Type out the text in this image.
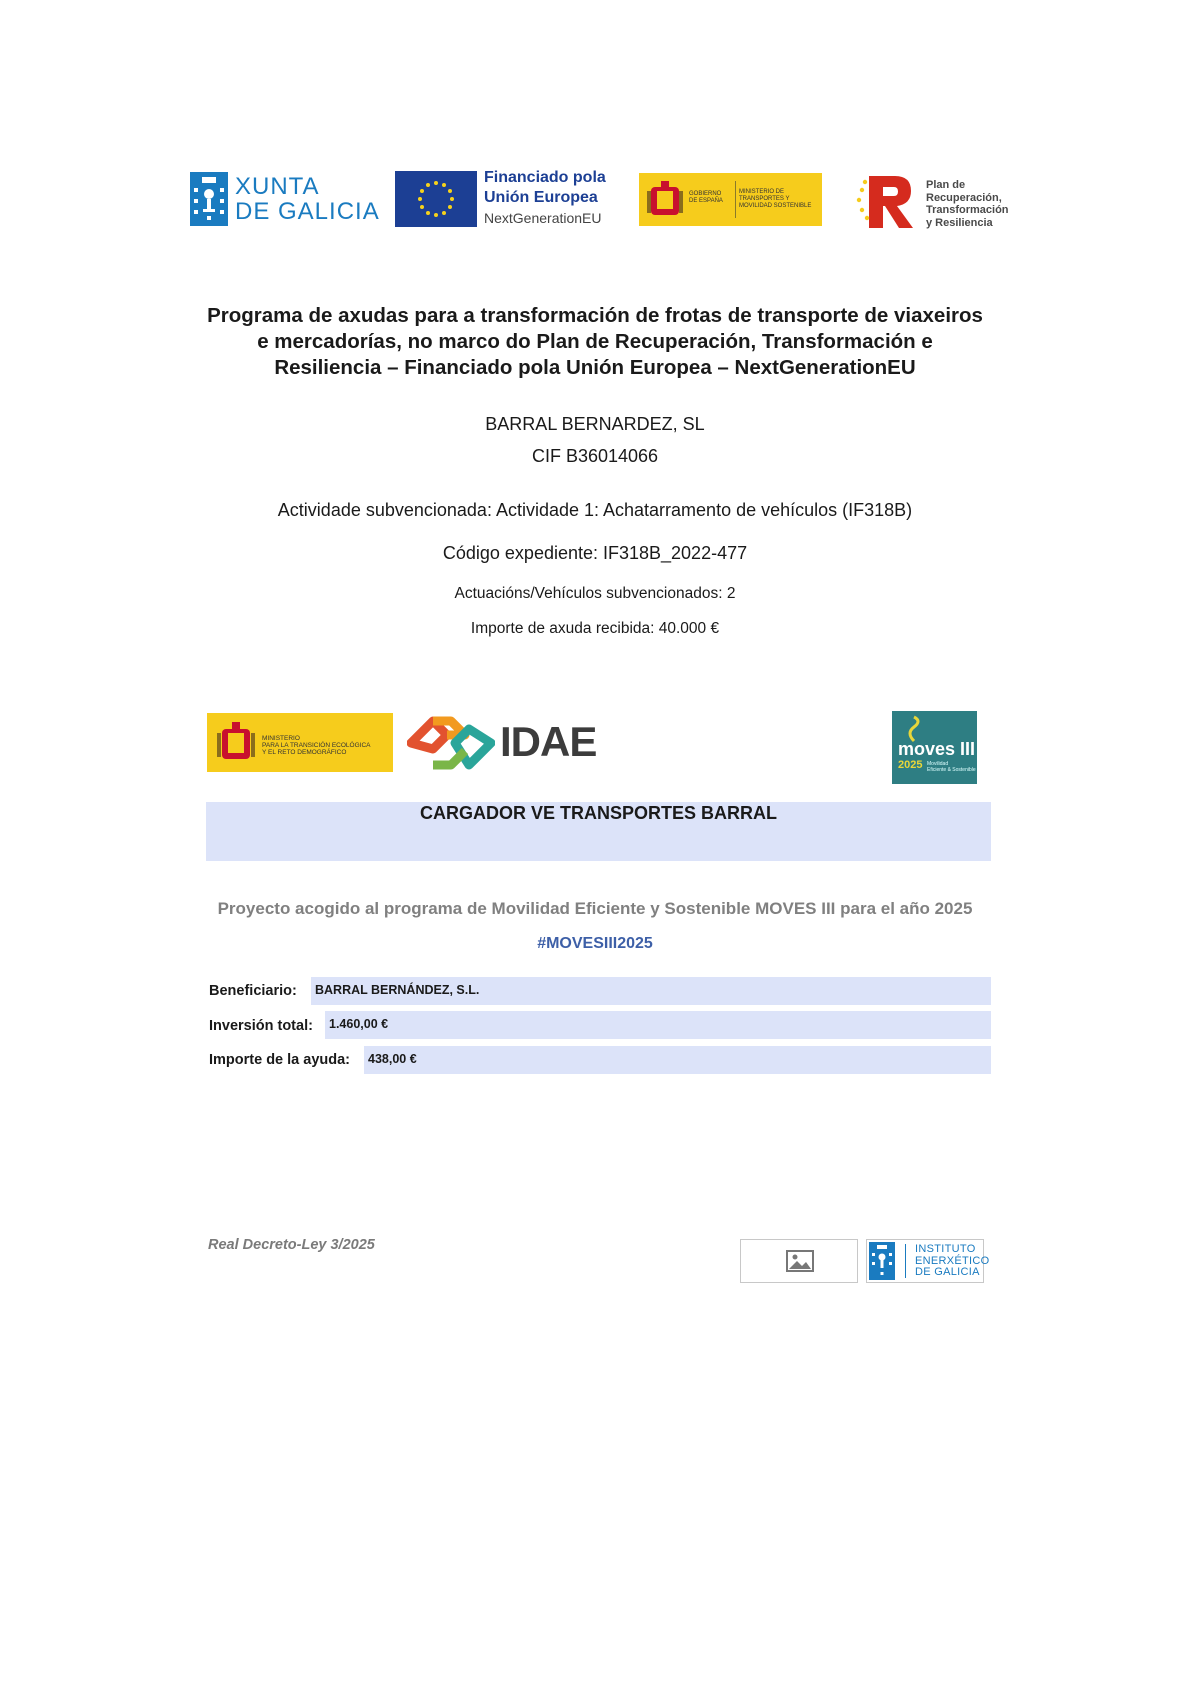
XUNTA
DE GALICIA
Financiado pola
Unión Europea
NextGenerationEU
GOBIERNO DE ESPAÑA
MINISTERIO DE TRANSPORTES Y MOVILIDAD SOSTENIBLE
Plan de
Recuperación,
Transformación
y Resiliencia
Programa de axudas para a transformación de frotas de transporte de viaxeiros
e mercadorías, no marco do Plan de Recuperación, Transformación e
Resiliencia – Financiado pola Unión Europea – NextGenerationEU
BARRAL BERNARDEZ, SL
CIF B36014066
Actividade subvencionada: Actividade 1: Achatarramento de vehículos (IF318B)
Código expediente: IF318B_2022-477
Actuacións/Vehículos subvencionados: 2
Importe de axuda recibida: 40.000 €
MINISTERIO
PARA LA TRANSICIÓN ECOLÓGICA
Y EL RETO DEMOGRÁFICO	IDAE	moves III
2025 Movilidad
Eficiente & Sostenible
CARGADOR VE TRANSPORTES BARRAL
Proyecto acogido al programa de Movilidad Eficiente y Sostenible MOVES III para el año 2025
#MOVESIII2025
Beneficiario:	BARRAL BERNÁNDEZ, S.L.
Inversión total:	1.460,00 €
Importe de la ayuda:	438,00 €
Real Decreto-Ley 3/2025	INSTITUTO
ENERXÉTICO
DE GALICIA
